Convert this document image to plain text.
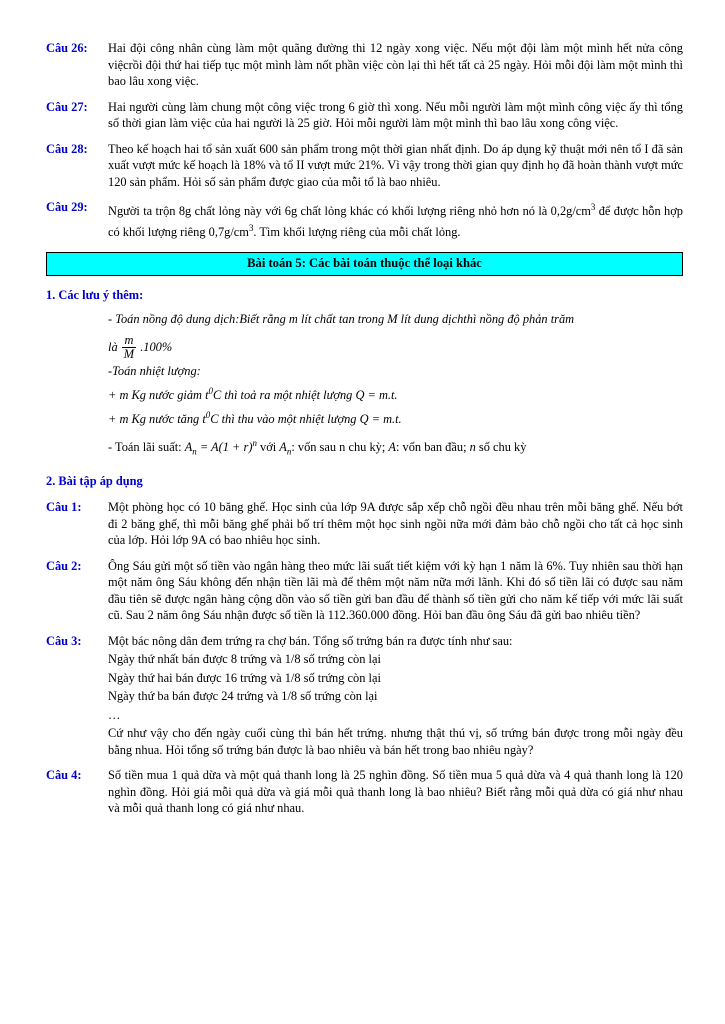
Câu 26:	Hai đội công nhân cùng làm một quãng đường thi 12 ngày xong việc. Nếu một đội làm một mình hết nửa công việcrồi đội thứ hai tiếp tục một mình làm nốt phần việc còn lại thì hết tất cả 25 ngày. Hỏi mỗi đội làm một mình thì bao lâu xong việc.
Câu 27:	Hai người cùng làm chung một công việc trong 6 giờ thì xong. Nếu mỗi người làm một mình công việc ấy thì tổng số thời gian làm việc của hai người là 25 giờ. Hỏi mỗi người làm một mình thì bao lâu xong công việc.
Câu 28:	Theo kế hoạch hai tổ sản xuất 600 sản phẩm trong một thời gian nhất định. Do áp dụng kỹ thuật mới nên tổ I đã sản xuất vượt mức kế hoạch là 18% và tổ II vượt mức 21%. Vì vậy trong thời gian quy định họ đã hoàn thành vượt mức 120 sản phẩm. Hỏi số sản phẩm được giao của mỗi tổ là bao nhiêu.
Câu 29:	Người ta trộn 8g chất lỏng này với 6g chất lỏng khác có khối lượng riêng nhỏ hơn nó là $0,2g/cm^3$ để được hỗn hợp có khối lượng riêng $0,7g/cm^3$. Tìm khối lượng riêng của mỗi chất lỏng.
Bài toán 5: Các bài toán thuộc thể loại khác
1. Các lưu ý thêm:
- Toán nồng độ dung dịch:Biết rằng m lít chất tan trong M lít dung dịchthì nồng độ phản trăm
là $\frac{m}{M} .100\%$
-Toán nhiệt lượng:
+ m Kg nước giảm $t^0C$ thì toả ra một nhiệt lượng Q = m.t.
+ m Kg nước tăng $t^0C$ thì thu vào một nhiệt lượng Q = m.t.
- Toán lãi suất: $A_n = A(1 + r)^n$ với $A_n$: vốn sau n chu kỳ; A: vốn ban đầu; n số chu kỳ
2. Bài tập áp dụng
Câu 1:	Một phòng học có 10 băng ghế. Học sinh của lớp 9A được sắp xếp chỗ ngồi đều nhau trên mỗi băng ghế. Nếu bớt đi 2 băng ghế, thì mỗi băng ghế phải bố trí thêm một học sinh ngồi nữa mới đảm bảo chỗ ngồi cho tất cả học sinh của lớp. Hỏi lớp 9A có bao nhiêu học sinh.
Câu 2:	Ông Sáu gửi một số tiền vào ngân hàng theo mức lãi suất tiết kiệm với kỳ hạn 1 năm là 6%. Tuy nhiên sau thời hạn một năm ông Sáu không đến nhận tiền lãi mà để thêm một năm nữa mới lãnh. Khi đó số tiền lãi có được sau năm đầu tiên sẽ được ngân hàng cộng dồn vào số tiền gửi ban đầu để thành số tiền gửi cho năm kế tiếp với mức lãi suất cũ. Sau 2 năm ông Sáu nhận được số tiền là 112.360.000 đồng. Hỏi ban đầu ông Sáu đã gửi bao nhiêu tiền?
Câu 3:	Một bác nông dân đem trứng ra chợ bán. Tổng số trứng bán ra được tính như sau:
Ngày thứ nhất bán được 8 trứng và 1/8 số trứng còn lại
Ngày thứ hai bán được 16 trứng và 1/8 số trứng còn lại
Ngày thứ ba bán được 24 trứng và 1/8 số trứng còn lại
…
Cứ như vậy cho đến ngày cuối cùng thì bán hết trứng. nhưng thật thú vị, số trứng bán được trong mỗi ngày đều bằng nhua. Hỏi tổng số trứng bán được là bao nhiêu và bán hết trong bao nhiêu ngày?
Câu 4:	Số tiền mua 1 quả dừa và một quả thanh long là 25 nghìn đồng. Số tiền mua 5 quả dừa và 4 quả thanh long là 120 nghìn đồng. Hỏi giá mỗi quả dừa và giá mỗi quả thanh long là bao nhiêu? Biết rằng mỗi quả dừa có giá như nhau và mỗi quả thanh long có giá như nhau.
